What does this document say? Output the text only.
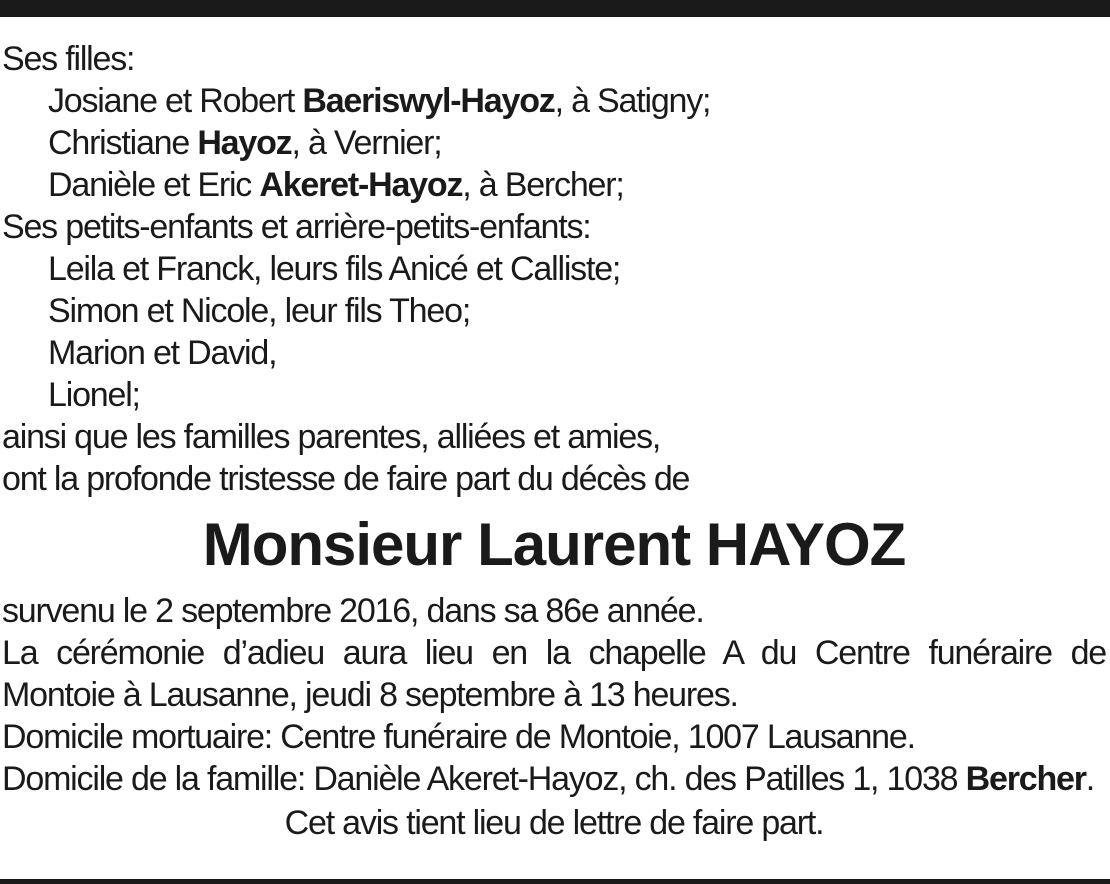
Ses filles:
Josiane et Robert Baeriswyl-Hayoz, à Satigny;
Christiane Hayoz, à Vernier;
Danièle et Eric Akeret-Hayoz, à Bercher;
Ses petits-enfants et arrière-petits-enfants:
Leila et Franck, leurs fils Anicé et Calliste;
Simon et Nicole, leur fils Theo;
Marion et David,
Lionel;
ainsi que les familles parentes, alliées et amies,
ont la profonde tristesse de faire part du décès de
Monsieur Laurent HAYOZ
survenu le 2 septembre 2016, dans sa 86e année.
La cérémonie d’adieu aura lieu en la chapelle A du Centre funéraire de
Montoie à Lausanne, jeudi 8 septembre à 13 heures.
Domicile mortuaire: Centre funéraire de Montoie, 1007 Lausanne.
Domicile de la famille: Danièle Akeret-Hayoz, ch. des Patilles 1, 1038 Bercher.
Cet avis tient lieu de lettre de faire part.
